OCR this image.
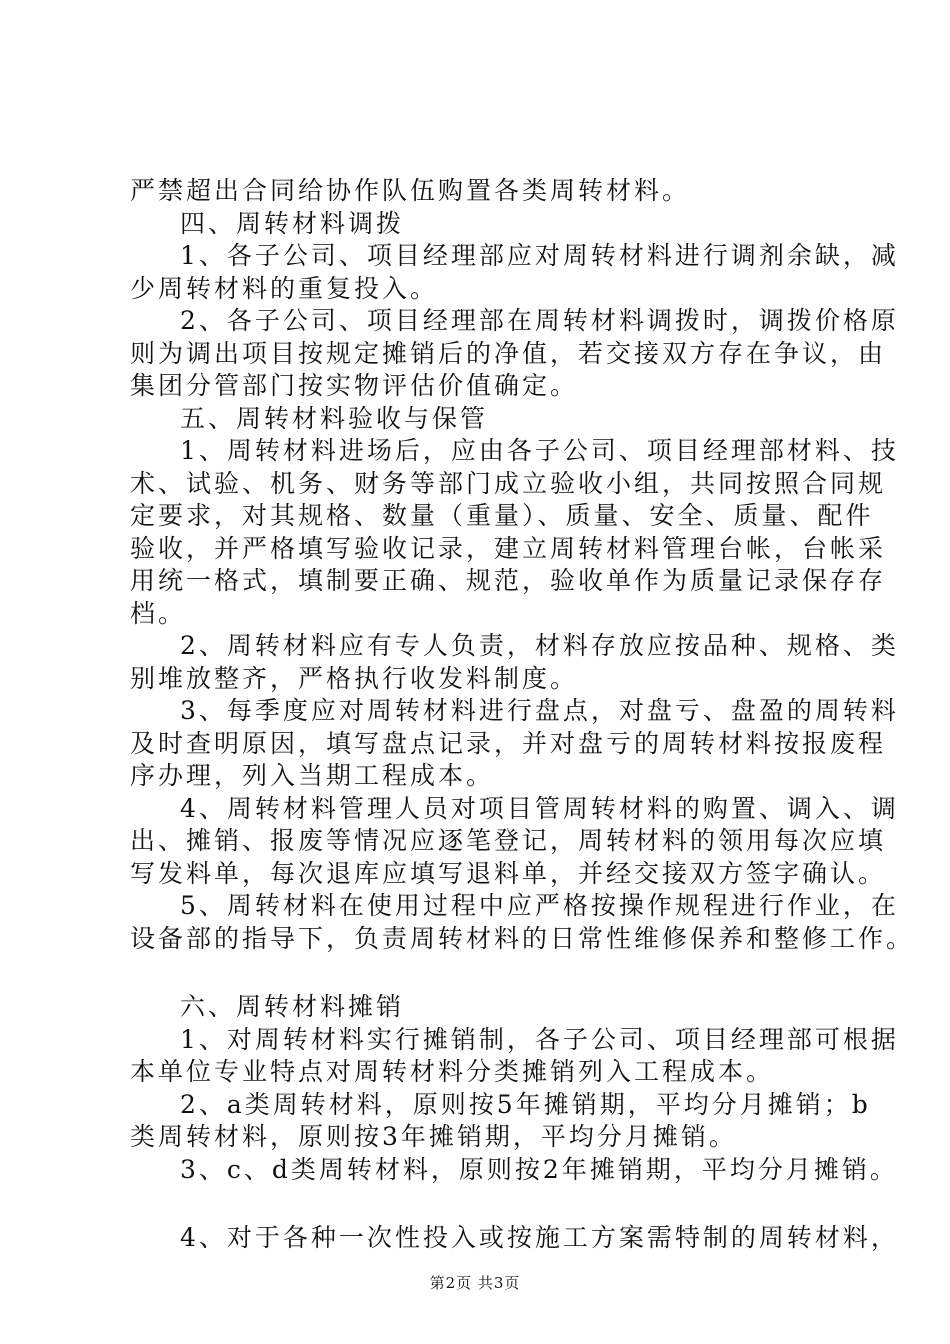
严禁超出合同给协作队伍购置各类周转材料。
四、周转材料调拨
1、各子公司、项目经理部应对周转材料进行调剂余缺，减
少周转材料的重复投入。
2、各子公司、项目经理部在周转材料调拨时，调拨价格原
则为调出项目按规定摊销后的净值，若交接双方存在争议，由
集团分管部门按实物评估价值确定。
五、周转材料验收与保管
1、周转材料进场后，应由各子公司、项目经理部材料、技
术、试验、机务、财务等部门成立验收小组，共同按照合同规
定要求，对其规格、数量（重量）、质量、安全、质量、配件
验收，并严格填写验收记录，建立周转材料管理台帐，台帐采
用统一格式，填制要正确、规范，验收单作为质量记录保存存
档。
2、周转材料应有专人负责，材料存放应按品种、规格、类
别堆放整齐，严格执行收发料制度。
3、每季度应对周转材料进行盘点，对盘亏、盘盈的周转料
及时查明原因，填写盘点记录，并对盘亏的周转材料按报废程
序办理，列入当期工程成本。
4、周转材料管理人员对项目管周转材料的购置、调入、调
出、摊销、报废等情况应逐笔登记，周转材料的领用每次应填
写发料单，每次退库应填写退料单，并经交接双方签字确认。
5、周转材料在使用过程中应严格按操作规程进行作业，在
设备部的指导下，负责周转材料的日常性维修保养和整修工作。
六、周转材料摊销
1、对周转材料实行摊销制，各子公司、项目经理部可根据
本单位专业特点对周转材料分类摊销列入工程成本。
2、a类周转材料，原则按5年摊销期，平均分月摊销；b
类周转材料，原则按3年摊销期，平均分月摊销。
3、c、d类周转材料，原则按2年摊销期，平均分月摊销。
4、对于各种一次性投入或按施工方案需特制的周转材料，
第2页 共3页
